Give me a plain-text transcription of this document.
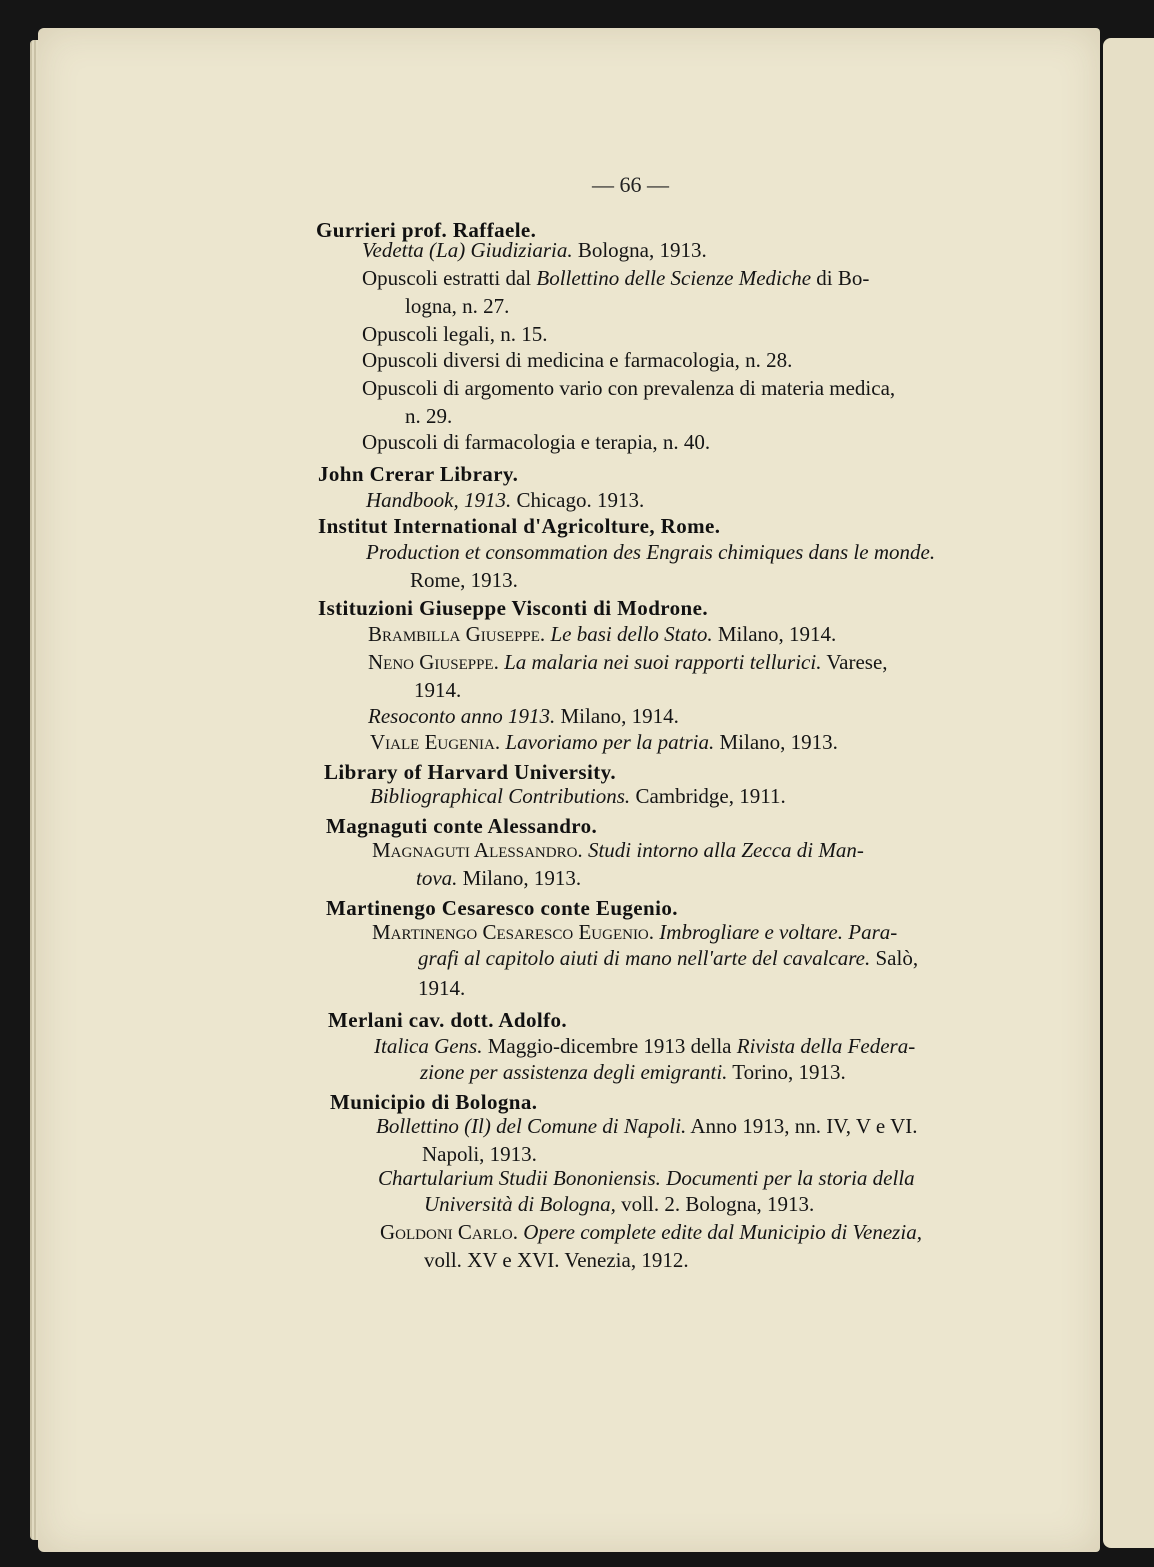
— 66 —
Gurrieri prof. Raffaele.
Vedetta (La) Giudiziaria. Bologna, 1913.
Opuscoli estratti dal Bollettino delle Scienze Mediche di Bo-
logna, n. 27.
Opuscoli legali, n. 15.
Opuscoli diversi di medicina e farmacologia, n. 28.
Opuscoli di argomento vario con prevalenza di materia medica,
n. 29.
Opuscoli di farmacologia e terapia, n. 40.
John Crerar Library.
Handbook, 1913. Chicago. 1913.
Institut International d'Agricolture, Rome.
Production et consommation des Engrais chimiques dans le monde.
Rome, 1913.
Istituzioni Giuseppe Visconti di Modrone.
Brambilla Giuseppe. Le basi dello Stato. Milano, 1914.
Neno Giuseppe. La malaria nei suoi rapporti tellurici. Varese,
1914.
Resoconto anno 1913. Milano, 1914.
Viale Eugenia. Lavoriamo per la patria. Milano, 1913.
Library of Harvard University.
Bibliographical Contributions. Cambridge, 1911.
Magnaguti conte Alessandro.
Magnaguti Alessandro. Studi intorno alla Zecca di Man-
tova. Milano, 1913.
Martinengo Cesaresco conte Eugenio.
Martinengo Cesaresco Eugenio. Imbrogliare e voltare. Para-
grafi al capitolo aiuti di mano nell'arte del cavalcare. Salò,
1914.
Merlani cav. dott. Adolfo.
Italica Gens. Maggio-dicembre 1913 della Rivista della Federa-
zione per assistenza degli emigranti. Torino, 1913.
Municipio di Bologna.
Bollettino (Il) del Comune di Napoli. Anno 1913, nn. IV, V e VI.
Napoli, 1913.
Chartularium Studii Bononiensis. Documenti per la storia della
Università di Bologna, voll. 2. Bologna, 1913.
Goldoni Carlo. Opere complete edite dal Municipio di Venezia,
voll. XV e XVI. Venezia, 1912.
